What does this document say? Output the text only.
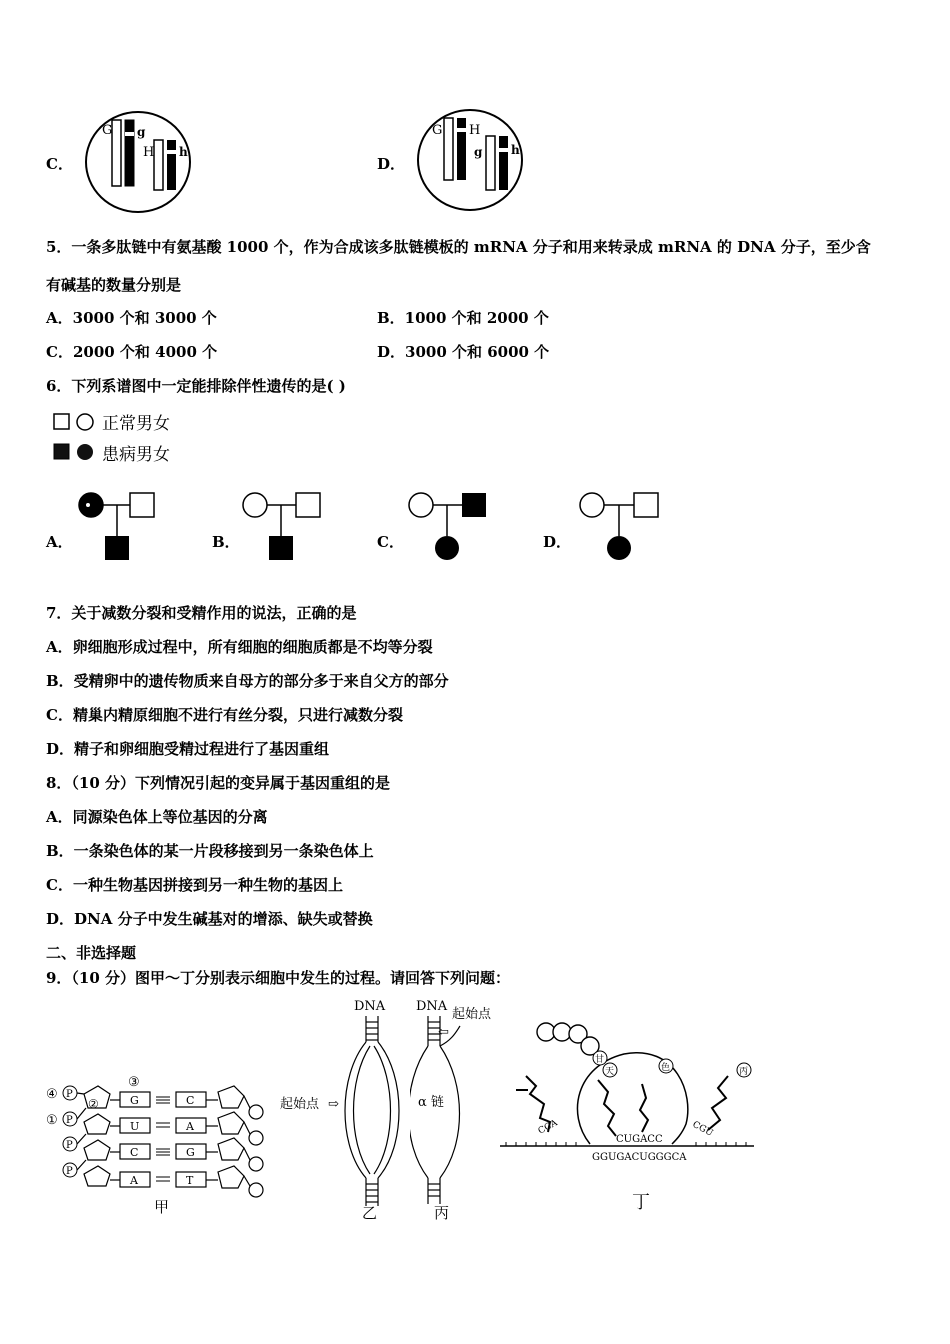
C．
G g
H h
D．
G H
g h
5．一条多肽链中有氨基酸 1000 个，作为合成该多肽链模板的 mRNA 分子和用来转录成 mRNA 的 DNA 分子，至少含
有碱基的数量分别是
A．3000 个和 3000 个	B．1000 个和 2000 个
C．2000 个和 4000 个	D．3000 个和 6000 个
6．下列系谱图中一定能排除伴性遗传的是( )
正常男女
患病男女
A．	B．	C．	D．
7．关于减数分裂和受精作用的说法，正确的是
A．卵细胞形成过程中，所有细胞的细胞质都是不均等分裂
B．受精卵中的遗传物质来自母方的部分多于来自父方的部分
C．精巢内精原细胞不进行有丝分裂，只进行减数分裂
D．精子和卵细胞受精过程进行了基因重组
8．（10 分）下列情况引起的变异属于基因重组的是
A．同源染色体上等位基因的分离
B．一条染色体的某一片段移接到另一条染色体上
C．一种生物基因拼接到另一种生物的基因上
D．DNA 分子中发生碱基对的增添、缺失或替换
二、非选择题
9．（10 分）图甲～丁分别表示细胞中发生的过程。请回答下列问题：
④
①
③
P
P
P
P
②	G
U
C
A
C
A
G
T
甲
DNA
起始点 ⇨
乙
DNA
起始点
⇦
α 链
丙
甘
天	色	丙
CCA
CUGACC
CGU
GGUGACUGGGCA
丁
